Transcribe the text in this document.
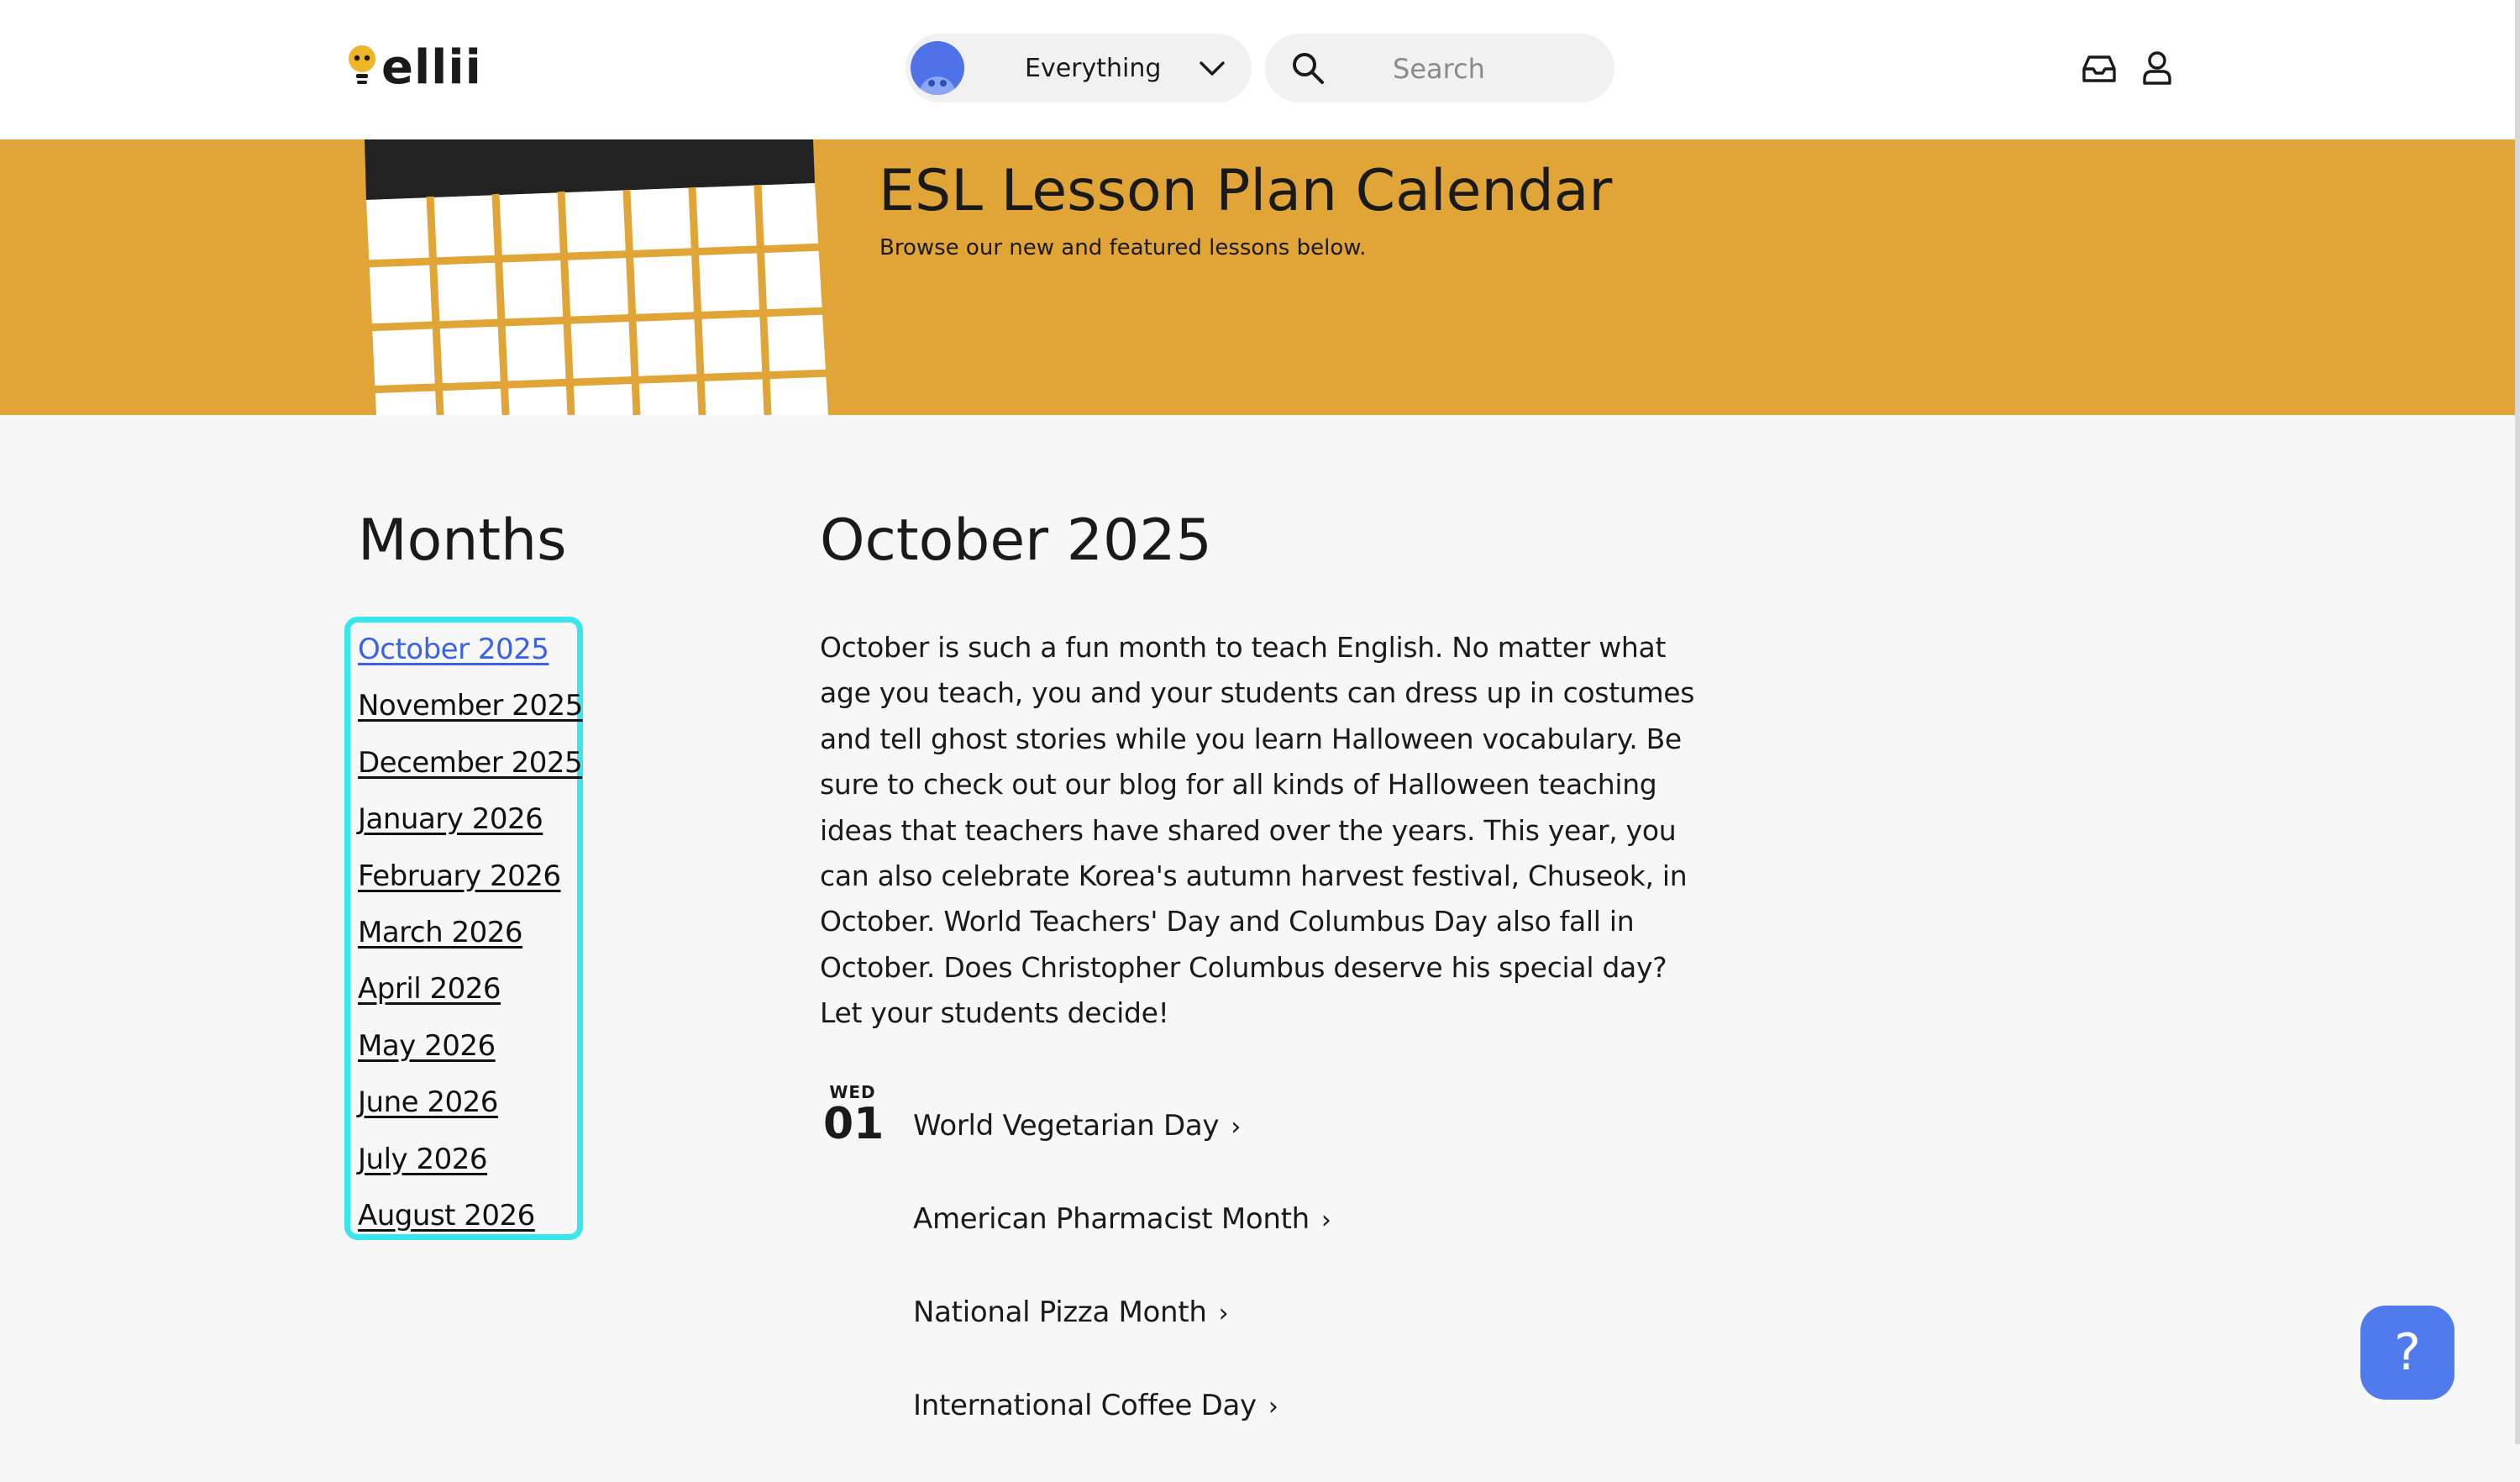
ellii	Everything
Search
ESL Lesson Plan Calendar

Browse our new and featured lessons below.

Months
October 2025
November 2025
December 2025
January 2026
February 2026
March 2026
April 2026
May 2026
June 2026
July 2026
August 2026
October 2025

October is such a fun month to teach English. No matter what age you teach, you and your students can dress up in costumes and tell ghost stories while you learn Halloween vocabulary. Be sure to check out our blog for all kinds of Halloween teaching ideas that teachers have shared over the years. This year, you can also celebrate Korea's autumn harvest festival, Chuseok, in October. World Teachers' Day and Columbus Day also fall in October. Does Christopher Columbus deserve his special day? Let your students decide!

WED
01 World Vegetarian Day ›
American Pharmacist Month ›
National Pizza Month ›
International Coffee Day ›
?
